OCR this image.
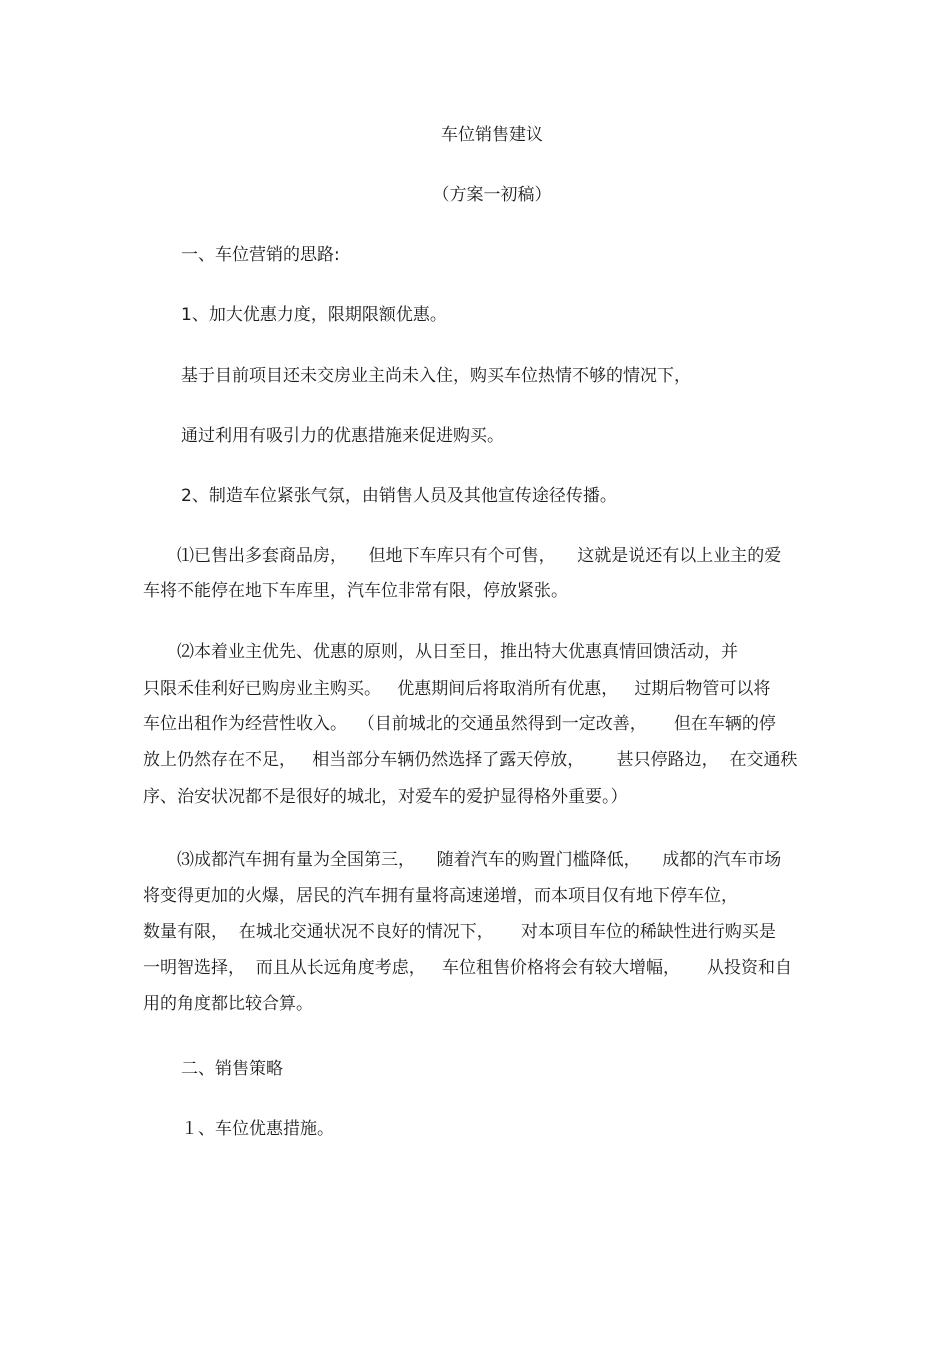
车位销售建议
（方案一初稿）
一、车位营销的思路:
1、加大优惠力度，限期限额优惠。
基于目前项目还未交房业主尚未入住，购买车位热情不够的情况下，
通过利用有吸引力的优惠措施来促进购买。
2、制造车位紧张气氛，由销售人员及其他宣传途径传播。
⑴已售出多套商品房，    但地下车库只有个可售，    这就是说还有以上业主的爱
车将不能停在地下车库里，汽车位非常有限，停放紧张。
⑵本着业主优先、优惠的原则，从日至日，推出特大优惠真情回馈活动，并
只限禾佳利好已购房业主购买。   优惠期间后将取消所有优惠，   过期后物管可以将
车位出租作为经营性收入。  （目前城北的交通虽然得到一定改善，     但在车辆的停
放上仍然存在不足，   相当部分车辆仍然选择了露天停放，      甚只停路边，  在交通秩
序、治安状况都不是很好的城北，对爱车的爱护显得格外重要。）
⑶成都汽车拥有量为全国第三，    随着汽车的购置门槛降低，    成都的汽车市场
将变得更加的火爆，居民的汽车拥有量将高速递增，而本项目仅有地下停车位，
数量有限，  在城北交通状况不良好的情况下，     对本项目车位的稀缺性进行购买是
一明智选择，  而且从长远角度考虑，   车位租售价格将会有较大增幅，     从投资和自
用的角度都比较合算。
二、销售策略
１、车位优惠措施。
